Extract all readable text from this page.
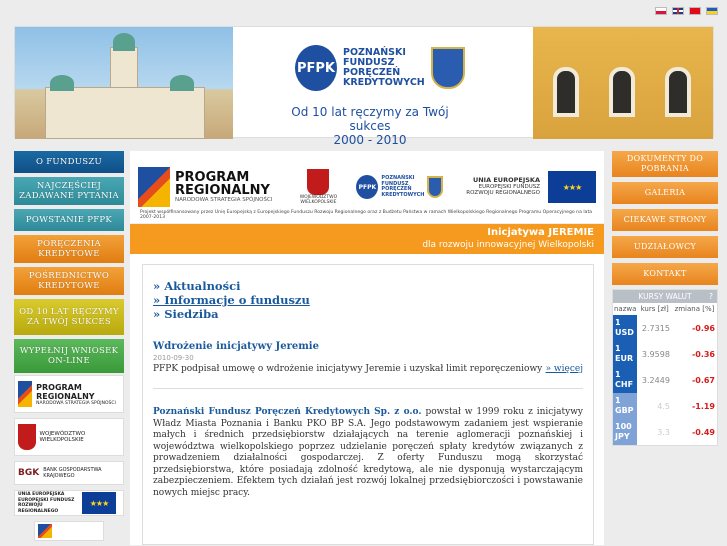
PFPK
POZNAŃSKI
FUNDUSZ
PORĘCZEŃ
KREDYTOWYCH
Od 10 lat ręczymy za Twój sukces
2000 - 2010
O FUNDUSZU
NAJCZĘŚCIEJ ZADAWANE PYTANIA
POWSTANIE PFPK
PORĘCZENIA KREDYTOWE
POŚREDNICTWO KREDYTOWE
OD 10 LAT RĘCZYMY ZA TWÓJ SUKCES
WYPEŁNIJ WNIOSEK ON-LINE
PROGRAM REGIONALNY
NARODOWA STRATEGIA SPÓJNOŚCI
WOJEWÓDZTWO WIELKOPOLSKIE
BGK BANK GOSPODARSTWA KRAJOWEGO
UNIA EUROPEJSKA EUROPEJSKI FUNDUSZ ROZWOJU REGIONALNEGO
★★★
PROGRAM
REGIONALNY
NARODOWA STRATEGIA SPÓJNOŚCI	WOJEWÓDZTWO WIELKOPOLSKIE
PFPK
POZNAŃSKI
FUNDUSZ
PORĘCZEŃ
KREDYTOWYCH
UNIA EUROPEJSKA
EUROPEJSKI FUNDUSZ
ROZWOJU REGIONALNEGO
★★★
Projekt współfinansowany przez Unię Europejską z Europejskiego Funduszu Rozwoju Regionalnego oraz z Budżetu Państwa w ramach Wielkopolskiego Regionalnego Programu Operacyjnego na lata 2007-2013
Inicjatywa JEREMIE
dla rozwoju innowacyjnej Wielkopolski
» Aktualności
» Informacje o funduszu
» Siedziba
Wdrożenie inicjatywy Jeremie
2010-09-30
PFPK podpisał umowę o wdrożenie inicjatywy Jeremie i uzyskał limit reporęczeniowy » więcej
Poznański Fundusz Poręczeń Kredytowych Sp. z o.o. powstał w 1999 roku z inicjatywy Władz Miasta Poznania i Banku PKO BP S.A. Jego podstawowym zadaniem jest wspieranie małych i średnich przedsiębiorstw działających na terenie aglomeracji poznańskiej i województwa wielkopolskiego poprzez udzielanie poręczeń spłaty kredytów związanych z prowadzeniem działalności gospodarczej. Z oferty Funduszu mogą skorzystać przedsiębiorstwa, które posiadają zdolność kredytową, ale nie dysponują wystarczającym zabezpieczeniem. Efektem tych działań jest rozwój lokalnej przedsiębiorczości i powstawanie nowych miejsc pracy.
DOKUMENTY DO POBRANIA
GALERIA
CIEKAWE STRONY
UDZIAŁOWCY
KONTAKT
KURSY WALUT ?
nazwa	kurs [zł]	zmiana [%]
1 USD	2.7315	-0.96
1 EUR	3.9598	-0.36
1 CHF	3.2449	-0.67
1 GBP	4.5	-1.19
100 JPY	3.3	-0.49
